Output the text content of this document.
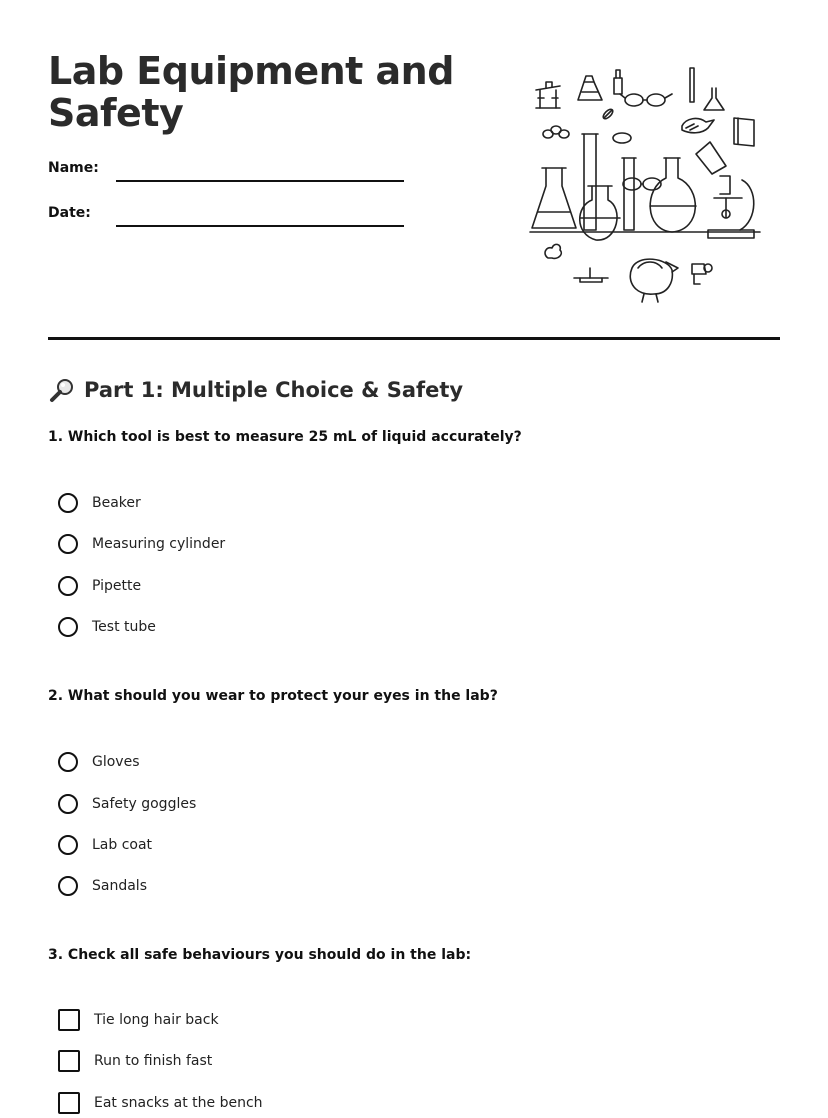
Lab Equipment and Safety
Name:
Date:
Part 1: Multiple Choice & Safety
1. Which tool is best to measure 25 mL of liquid accurately?
Beaker
Measuring cylinder
Pipette
Test tube
2. What should you wear to protect your eyes in the lab?
Gloves
Safety goggles
Lab coat
Sandals
3. Check all safe behaviours you should do in the lab:
Tie long hair back
Run to finish fast
Eat snacks at the bench
